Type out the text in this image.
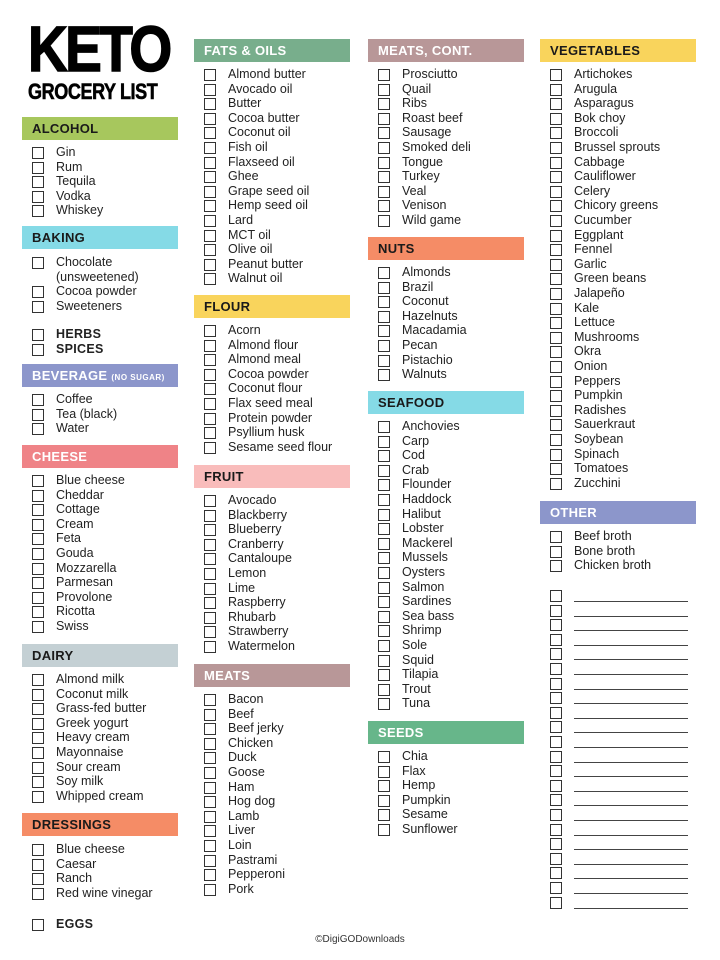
KETO
GROCERY LIST
ALCOHOL
Gin
Rum
Tequila
Vodka
Whiskey
BAKING
Chocolate
(unsweetened)
Cocoa powder
Sweeteners
HERBS
SPICES
BEVERAGE (NO SUGAR)
Coffee
Tea (black)
Water
CHEESE
Blue cheese
Cheddar
Cottage
Cream
Feta
Gouda
Mozzarella
Parmesan
Provolone
Ricotta
Swiss
DAIRY
Almond milk
Coconut milk
Grass-fed butter
Greek yogurt
Heavy cream
Mayonnaise
Sour cream
Soy milk
Whipped cream
DRESSINGS
Blue cheese
Caesar
Ranch
Red wine vinegar
EGGS
FATS & OILS
Almond butter
Avocado oil
Butter
Cocoa butter
Coconut oil
Fish oil
Flaxseed oil
Ghee
Grape seed oil
Hemp seed oil
Lard
MCT oil
Olive oil
Peanut butter
Walnut oil
FLOUR
Acorn
Almond flour
Almond meal
Cocoa powder
Coconut flour
Flax seed meal
Protein powder
Psyllium husk
Sesame seed flour
FRUIT
Avocado
Blackberry
Blueberry
Cranberry
Cantaloupe
Lemon
Lime
Raspberry
Rhubarb
Strawberry
Watermelon
MEATS
Bacon
Beef
Beef jerky
Chicken
Duck
Goose
Ham
Hog dog
Lamb
Liver
Loin
Pastrami
Pepperoni
Pork
MEATS, CONT.
Prosciutto
Quail
Ribs
Roast beef
Sausage
Smoked deli
Tongue
Turkey
Veal
Venison
Wild game
NUTS
Almonds
Brazil
Coconut
Hazelnuts
Macadamia
Pecan
Pistachio
Walnuts
SEAFOOD
Anchovies
Carp
Cod
Crab
Flounder
Haddock
Halibut
Lobster
Mackerel
Mussels
Oysters
Salmon
Sardines
Sea bass
Shrimp
Sole
Squid
Tilapia
Trout
Tuna
SEEDS
Chia
Flax
Hemp
Pumpkin
Sesame
Sunflower
VEGETABLES
Artichokes
Arugula
Asparagus
Bok choy
Broccoli
Brussel sprouts
Cabbage
Cauliflower
Celery
Chicory greens
Cucumber
Eggplant
Fennel
Garlic
Green beans
Jalapeño
Kale
Lettuce
Mushrooms
Okra
Onion
Peppers
Pumpkin
Radishes
Sauerkraut
Soybean
Spinach
Tomatoes
Zucchini
OTHER
Beef broth
Bone broth
Chicken broth
©DigiGODownloads
